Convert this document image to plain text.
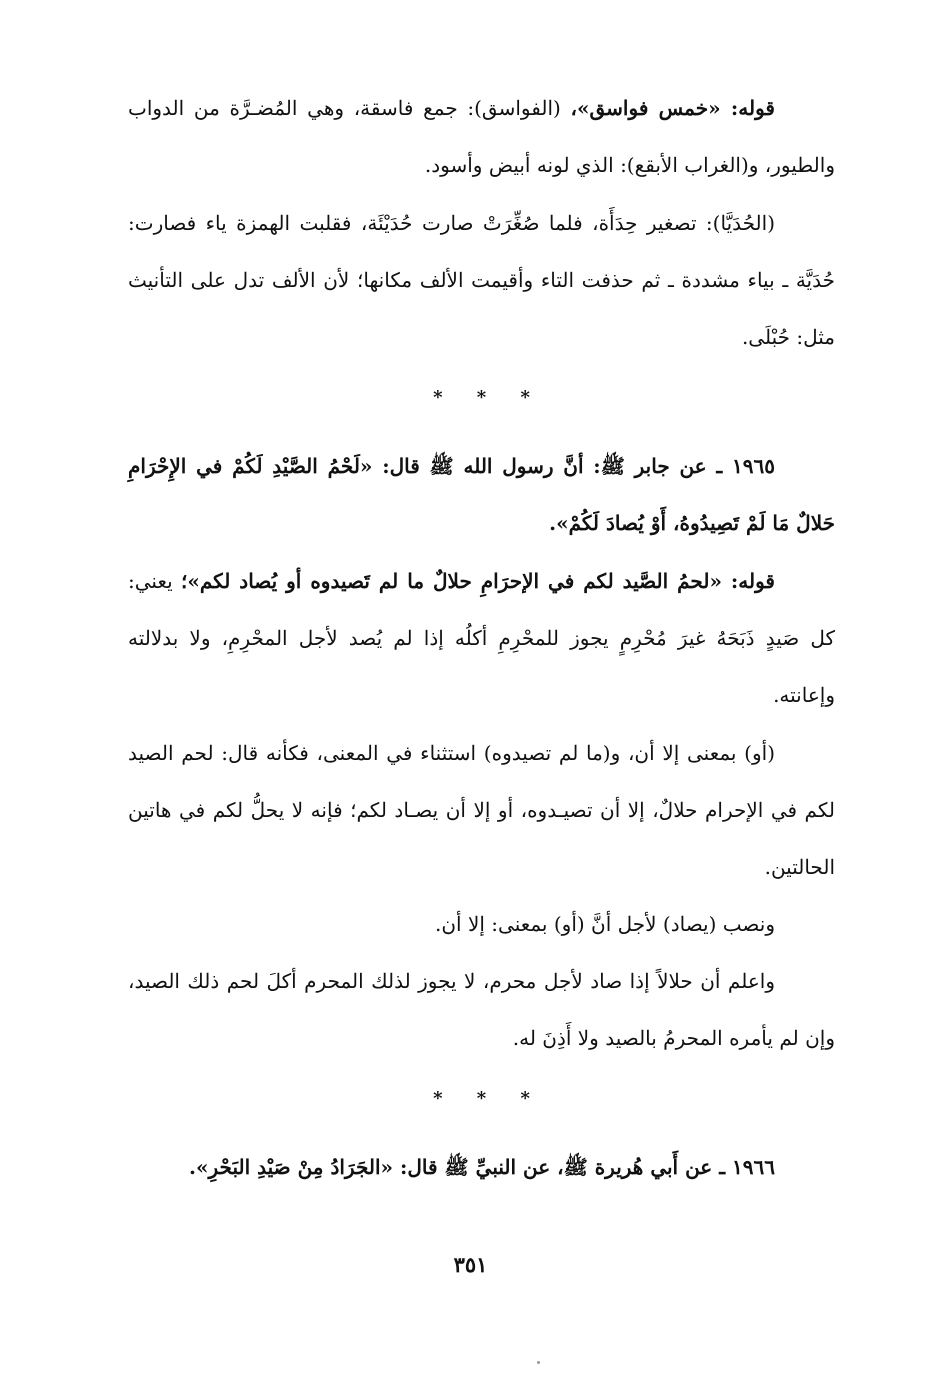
قوله: «خمس فواسق»، (الفواسق): جمع فاسقة، وهي المُضـرَّة من الدواب والطيور، و(الغراب الأبقع): الذي لونه أبيض وأسود.

(الحُدَيَّا): تصغير حِدَأَة، فلما صُغِّرَتْ صارت حُدَيْئَة، فقلبت الهمزة ياء فصارت: حُدَيَّة ـ بياء مشددة ـ ثم حذفت التاء وأقيمت الألف مكانها؛ لأن الألف تدل على التأنيث مثل: حُبْلَى.

* * *

١٩٦٥ ـ عن جابر ﷺ: أنَّ رسول الله ﷺ قال: «لَحْمُ الصَّيْدِ لَكُمْ في الإِحْرَامِ حَلالٌ مَا لَمْ تَصِيدُوهُ، أَوْ يُصادَ لَكُمْ».

قوله: «لحمُ الصَّيد لكم في الإحرَامِ حلالٌ ما لم تَصيدوه أو يُصاد لكم»؛ يعني: كل صَيدٍ ذَبَحَهُ غيرَ مُحْرِمٍ يجوز للمحْرِمِ أكلُه إذا لم يُصد لأجل المحْرِمِ، ولا بدلالته وإعانته.

(أو) بمعنى إلا أن، و(ما لم تصيدوه) استثناء في المعنى، فكأنه قال: لحم الصيد لكم في الإحرام حلالٌ، إلا أن تصيـدوه، أو إلا أن يصـاد لكم؛ فإنه لا يحلُّ لكم في هاتين الحالتين.

ونصب (يصاد) لأجل أنَّ (أو) بمعنى: إلا أن.

واعلم أن حلالاً إذا صاد لأجل محرم، لا يجوز لذلك المحرم أكلَ لحم ذلك الصيد، وإن لم يأمره المحرمُ بالصيد ولا أَذِنَ له.

* * *

١٩٦٦ ـ عن أَبي هُريرة ﷺ، عن النبيِّ ﷺ قال: «الجَرَادُ مِنْ صَيْدِ البَحْرِ».

٣٥١
